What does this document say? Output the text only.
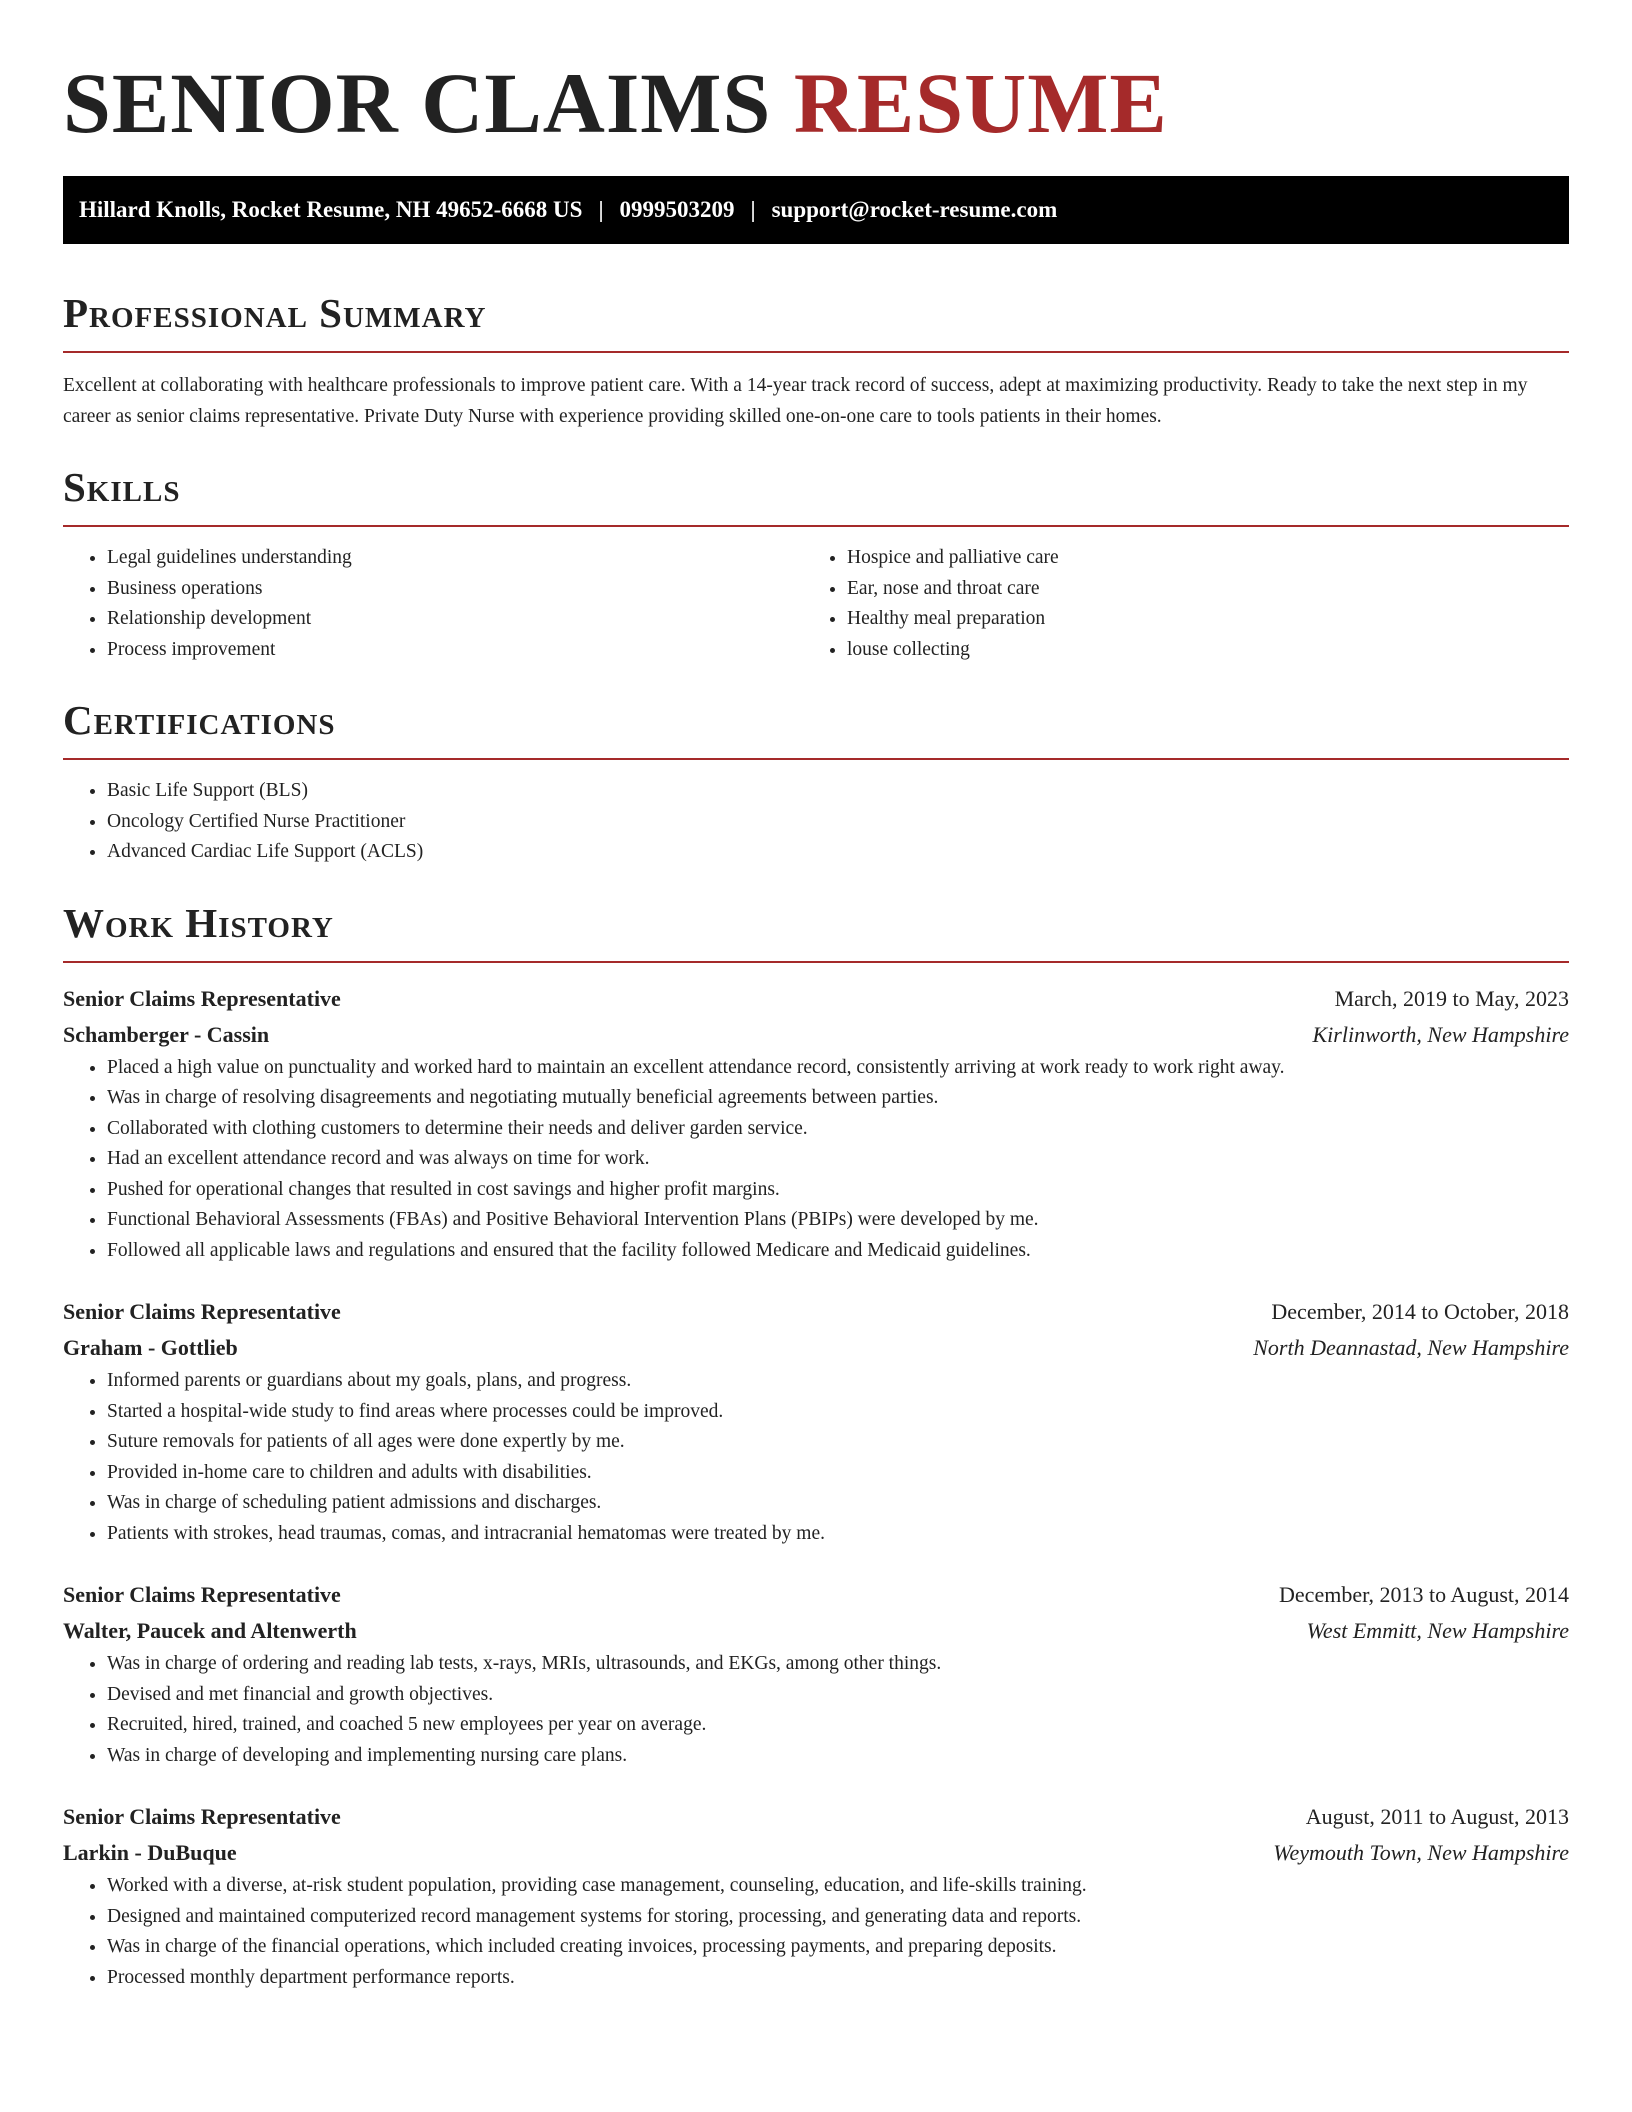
SENIOR CLAIMS RESUME
Hillard Knolls, Rocket Resume, NH 49652-6668 US | 0999503209 | support@rocket-resume.com
Professional Summary

Excellent at collaborating with healthcare professionals to improve patient care. With a 14-year track record of success, adept at maximizing productivity. Ready to take the next step in my career as senior claims representative. Private Duty Nurse with experience providing skilled one-on-one care to tools patients in their homes.

Skills
• Legal guidelines understanding
• Business operations
• Relationship development
• Process improvement
• Hospice and palliative care
• Ear, nose and throat care
• Healthy meal preparation
• louse collecting
Certifications
• Basic Life Support (BLS)
• Oncology Certified Nurse Practitioner
• Advanced Cardiac Life Support (ACLS)
Work History
Senior Claims Representative	March, 2019 to May, 2023
Schamberger - Cassin	Kirlinworth, New Hampshire
• Placed a high value on punctuality and worked hard to maintain an excellent attendance record, consistently arriving at work ready to work right away.
• Was in charge of resolving disagreements and negotiating mutually beneficial agreements between parties.
• Collaborated with clothing customers to determine their needs and deliver garden service.
• Had an excellent attendance record and was always on time for work.
• Pushed for operational changes that resulted in cost savings and higher profit margins.
• Functional Behavioral Assessments (FBAs) and Positive Behavioral Intervention Plans (PBIPs) were developed by me.
• Followed all applicable laws and regulations and ensured that the facility followed Medicare and Medicaid guidelines.
Senior Claims Representative	December, 2014 to October, 2018
Graham - Gottlieb	North Deannastad, New Hampshire
• Informed parents or guardians about my goals, plans, and progress.
• Started a hospital-wide study to find areas where processes could be improved.
• Suture removals for patients of all ages were done expertly by me.
• Provided in-home care to children and adults with disabilities.
• Was in charge of scheduling patient admissions and discharges.
• Patients with strokes, head traumas, comas, and intracranial hematomas were treated by me.
Senior Claims Representative	December, 2013 to August, 2014
Walter, Paucek and Altenwerth	West Emmitt, New Hampshire
• Was in charge of ordering and reading lab tests, x-rays, MRIs, ultrasounds, and EKGs, among other things.
• Devised and met financial and growth objectives.
• Recruited, hired, trained, and coached 5 new employees per year on average.
• Was in charge of developing and implementing nursing care plans.
Senior Claims Representative	August, 2011 to August, 2013
Larkin - DuBuque	Weymouth Town, New Hampshire
• Worked with a diverse, at-risk student population, providing case management, counseling, education, and life-skills training.
• Designed and maintained computerized record management systems for storing, processing, and generating data and reports.
• Was in charge of the financial operations, which included creating invoices, processing payments, and preparing deposits.
• Processed monthly department performance reports.
